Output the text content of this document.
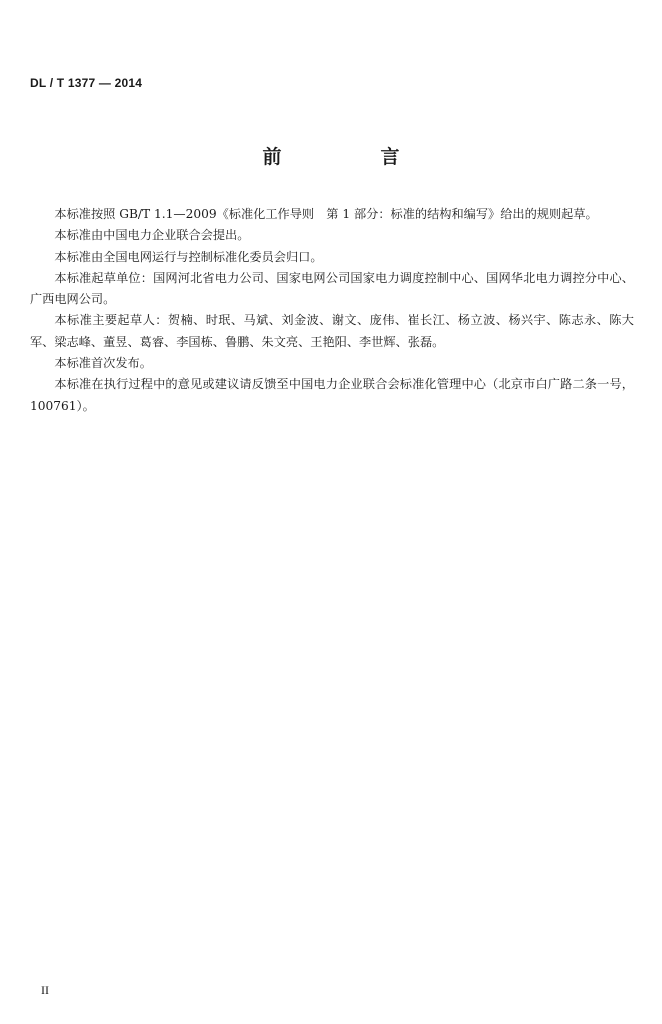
DL / T 1377 — 2014
前　言

本标准按照 GB/T 1.1—2009《标准化工作导则　第 1 部分：标准的结构和编写》给出的规则起草。

本标准由中国电力企业联合会提出。

本标准由全国电网运行与控制标准化委员会归口。

本标准起草单位：国网河北省电力公司、国家电网公司国家电力调度控制中心、国网华北电力调控分中心、广西电网公司。

本标准主要起草人：贺楠、时珉、马斌、刘金波、谢文、庞伟、崔长江、杨立波、杨兴宇、陈志永、陈大军、梁志峰、董昱、葛睿、李国栋、鲁鹏、朱文亮、王艳阳、李世辉、张磊。

本标准首次发布。

本标准在执行过程中的意见或建议请反馈至中国电力企业联合会标准化管理中心（北京市白广路二条一号，100761）。

II
